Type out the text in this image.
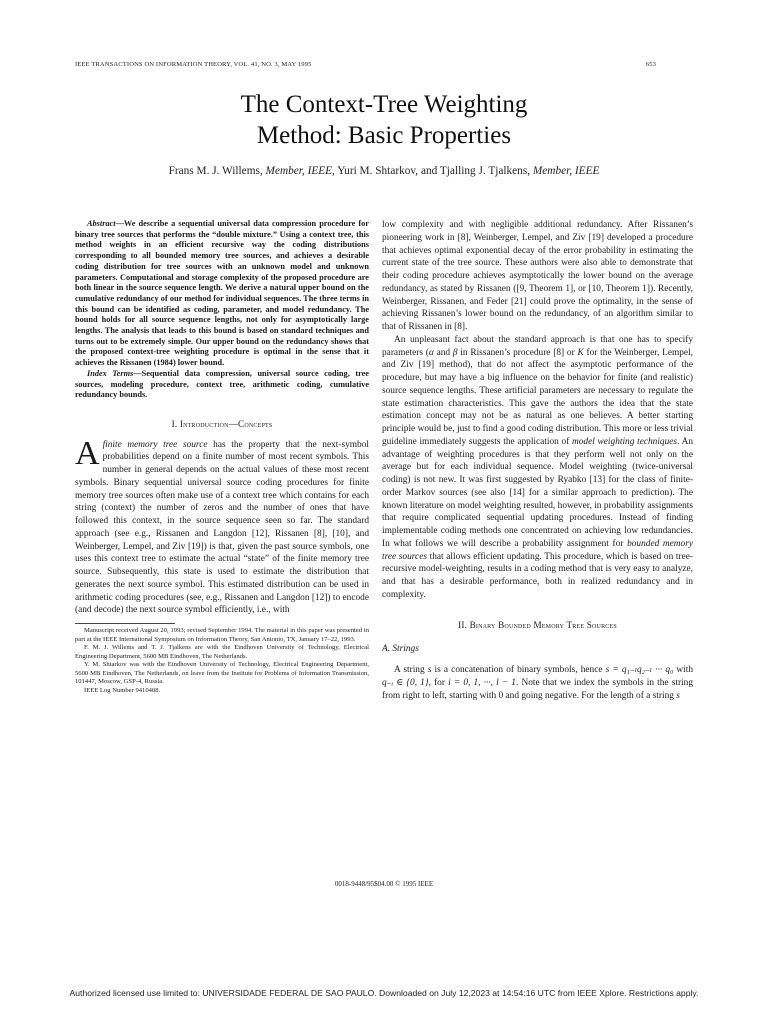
IEEE TRANSACTIONS ON INFORMATION THEORY, VOL. 41, NO. 3, MAY 1995	653
The Context-Tree Weighting
Method: Basic Properties
Frans M. J. Willems, Member, IEEE, Yuri M. Shtarkov, and Tjalling J. Tjalkens, Member, IEEE

Abstract—We describe a sequential universal data compression procedure for binary tree sources that performs the “double mixture.” Using a context tree, this method weights in an efficient recursive way the coding distributions corresponding to all bounded memory tree sources, and achieves a desirable coding distribution for tree sources with an unknown model and unknown parameters. Computational and storage complexity of the proposed procedure are both linear in the source sequence length. We derive a natural upper bound on the cumulative redundancy of our method for individual sequences. The three terms in this bound can be identified as coding, parameter, and model redundancy. The bound holds for all source sequence lengths, not only for asymptotically large lengths. The analysis that leads to this bound is based on standard techniques and turns out to be extremely simple. Our upper bound on the redundancy shows that the proposed context-tree weighting procedure is optimal in the sense that it achieves the Rissanen (1984) lower bound.

Index Terms—Sequential data compression, universal source coding, tree sources, modeling procedure, context tree, arithmetic coding, cumulative redundancy bounds.

I. Introduction—Concepts

Afinite memory tree source has the property that the next-symbol probabilities depend on a finite number of most recent symbols. This number in general depends on the actual values of these most recent symbols. Binary sequential universal source coding procedures for finite memory tree sources often make use of a context tree which contains for each string (context) the number of zeros and the number of ones that have followed this context, in the source sequence seen so far. The standard approach (see e.g., Rissanen and Langdon [12], Rissanen [8], [10], and Weinberger, Lempel, and Ziv [19]) is that, given the past source symbols, one uses this context tree to estimate the actual “state” of the finite memory tree source. Subsequently, this state is used to estimate the distribution that generates the next source symbol. This estimated distribution can be used in arithmetic coding procedures (see, e.g., Rissanen and Langdon [12]) to encode (and decode) the next source symbol efficiently, i.e., with

Manuscript received August 20, 1993; revised September 1994. The material in this paper was presented in part at the IEEE International Symposium on Information Theory, San Antonio, TX, January 17–22, 1993.

F. M. J. Willems and T. J. Tjalkens are with the Eindhoven University of Technology, Electrical Engineering Department, 5600 MB Eindhoven, The Netherlands.

Y. M. Shtarkov was with the Eindhoven University of Technology, Electrical Engineering Department, 5600 MB Eindhoven, The Netherlands, on leave from the Institute for Problems of Information Transmission, 101447, Moscow, GSP-4, Russia.

IEEE Log Number 9410408.

low complexity and with negligible additional redundancy. After Rissanen’s pioneering work in [8], Weinberger, Lempel, and Ziv [19] developed a procedure that achieves optimal exponential decay of the error probability in estimating the current state of the tree source. These authors were also able to demonstrate that their coding procedure achieves asymptotically the lower bound on the average redundancy, as stated by Rissanen ([9, Theorem 1], or [10, Theorem 1]). Recently, Weinberger, Rissanen, and Feder [21] could prove the optimality, in the sense of achieving Rissanen’s lower bound on the redundancy, of an algorithm similar to that of Rissanen in [8].

An unpleasant fact about the standard approach is that one has to specify parameters (α and β in Rissanen’s procedure [8] or K for the Weinberger, Lempel, and Ziv [19] method), that do not affect the asymptotic performance of the procedure, but may have a big influence on the behavior for finite (and realistic) source sequence lengths. These artificial parameters are necessary to regulate the state estimation characteristics. This gave the authors the idea that the state estimation concept may not be as natural as one believes. A better starting principle would be, just to find a good coding distribution. This more or less trivial guideline immediately suggests the application of model weighting techniques. An advantage of weighting procedures is that they perform well not only on the average but for each individual sequence. Model weighting (twice-universal coding) is not new. It was first suggested by Ryabko [13] for the class of finite-order Markov sources (see also [14] for a similar approach to prediction). The known literature on model weighting resulted, however, in probability assignments that require complicated sequential updating procedures. Instead of finding implementable coding methods one concentrated on achieving low redundancies. In what follows we will describe a probability assignment for bounded memory tree sources that allows efficient updating. This procedure, which is based on tree-recursive model-weighting, results in a coding method that is very easy to analyze, and that has a desirable performance, both in realized redundancy and in complexity.

II. Binary Bounded Memory Tree Sources
A. Strings

A string s is a concatenation of binary symbols, hence s = q₁₋ₗq₂₋ₗ ··· q₀ with q₋ᵢ ∈ {0, 1}, for i = 0, 1, ···, l − 1. Note that we index the symbols in the string from right to left, starting with 0 and going negative. For the length of a string s

0018-9448/95$04.00 © 1995 IEEE
Authorized licensed use limited to: UNIVERSIDADE FEDERAL DE SAO PAULO. Downloaded on July 12,2023 at 14:54:16 UTC from IEEE Xplore. Restrictions apply.
